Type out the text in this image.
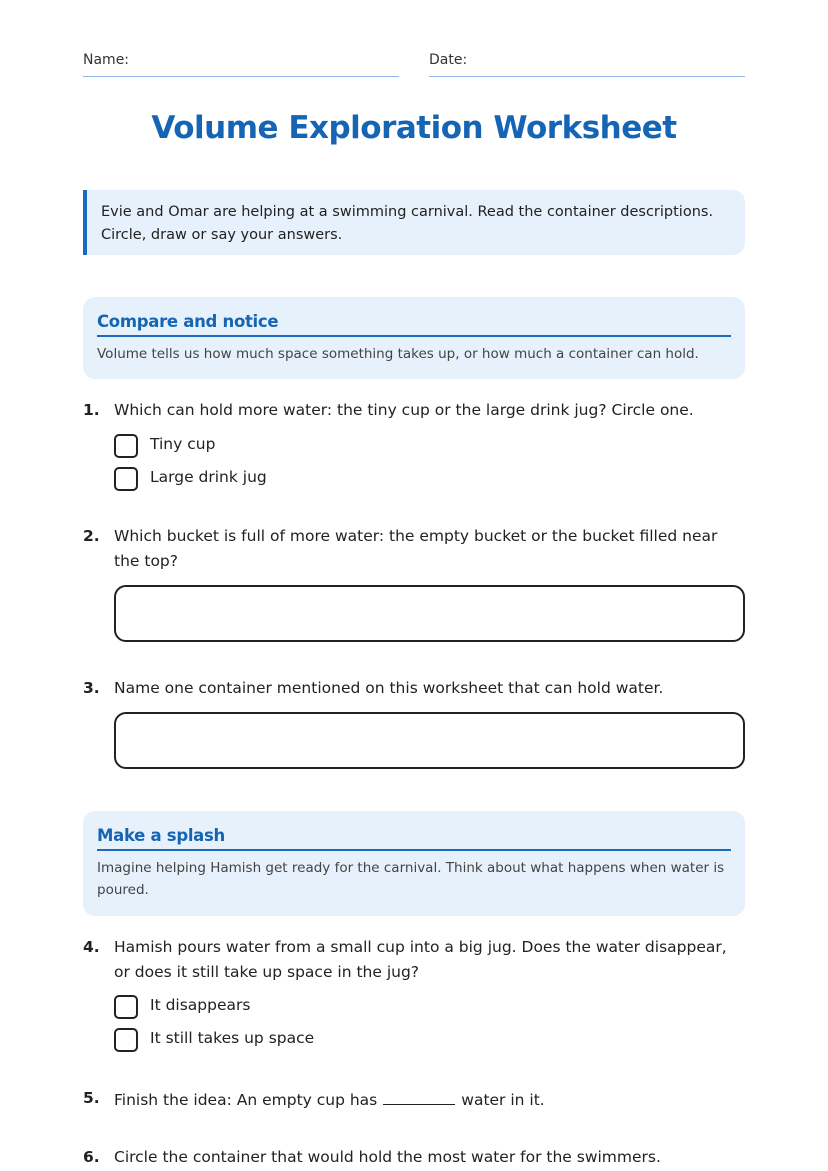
Name:	Date:
Volume Exploration Worksheet
Evie and Omar are helping at a swimming carnival. Read the container descriptions. Circle, draw or say your answers.
Compare and notice

Volume tells us how much space something takes up, or how much a container can hold.

1. Which can hold more water: the tiny cup or the large drink jug? Circle one.
Tiny cup
Large drink jug
2. Which bucket is full of more water: the empty bucket or the bucket filled near the top?
3. Name one container mentioned on this worksheet that can hold water.
Make a splash

Imagine helping Hamish get ready for the carnival. Think about what happens when water is poured.

4. Hamish pours water from a small cup into a big jug. Does the water disappear, or does it still take up space in the jug?
It disappears
It still takes up space
5. Finish the idea: An empty cup has	water in it.
6. Circle the container that would hold the most water for the swimmers.
